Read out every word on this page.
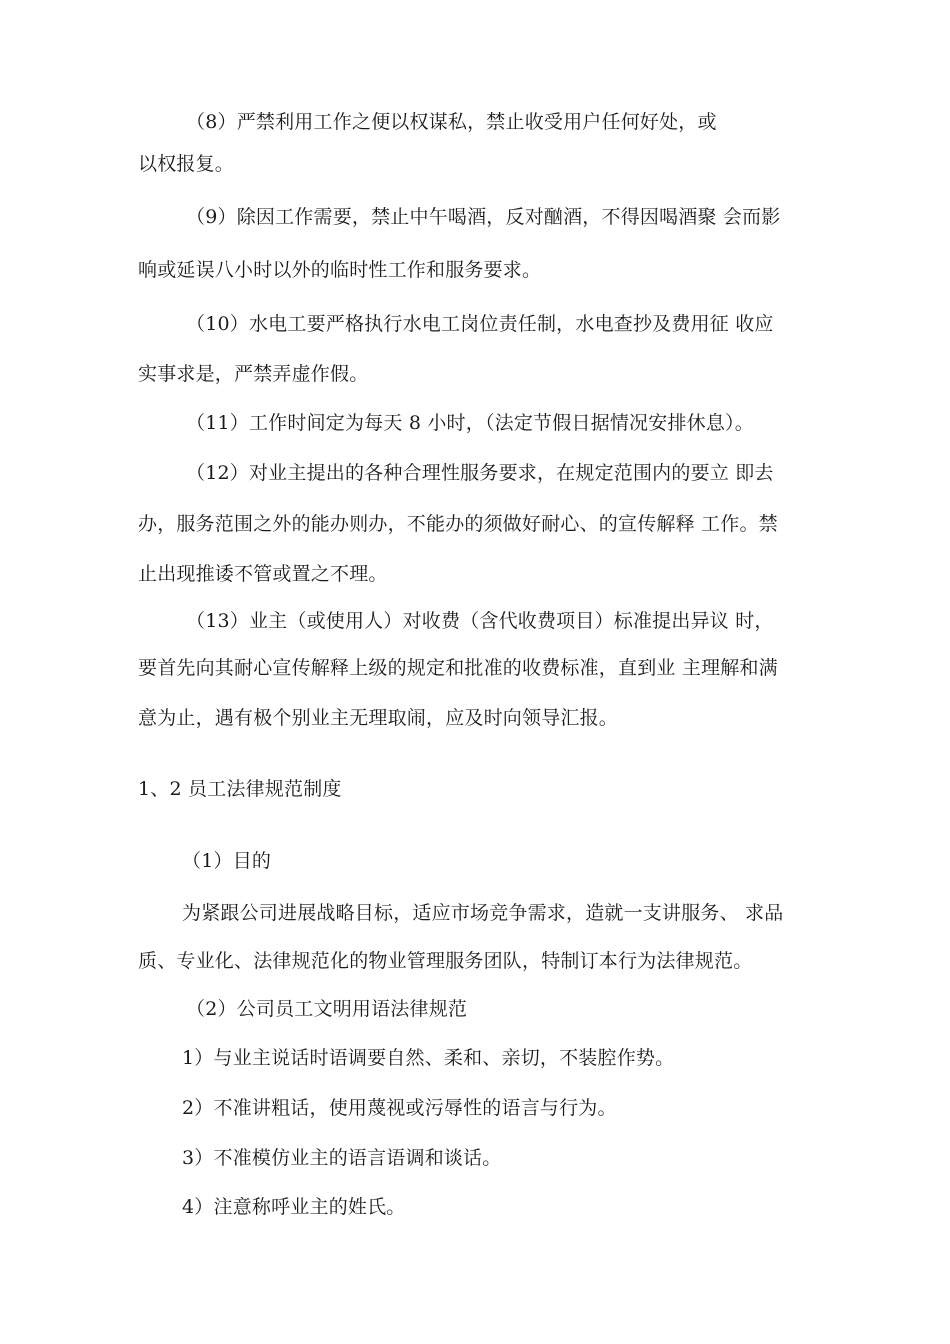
（8）严禁利用工作之便以权谋私，禁止收受用户任何好处，或
以权报复。
（9）除因工作需要，禁止中午喝酒，反对酗酒，不得因喝酒聚 会而影
响或延误八小时以外的临时性工作和服务要求。
（10）水电工要严格执行水电工岗位责任制，水电查抄及费用征 收应
实事求是，严禁弄虚作假。
（11）工作时间定为每天 8 小时，（法定节假日据情况安排休息）。
（12）对业主提出的各种合理性服务要求，在规定范围内的要立 即去
办，服务范围之外的能办则办，不能办的须做好耐心、的宣传解释 工作。禁
止出现推诿不管或置之不理。
（13）业主（或使用人）对收费（含代收费项目）标准提出异议 时，
要首先向其耐心宣传解释上级的规定和批准的收费标准，直到业 主理解和满
意为止，遇有极个别业主无理取闹，应及时向领导汇报。
1、2 员工法律规范制度
（1）目的
为紧跟公司进展战略目标，适应市场竞争需求，造就一支讲服务、 求品
质、专业化、法律规范化的物业管理服务团队，特制订本行为法律规范。
（2）公司员工文明用语法律规范
1）与业主说话时语调要自然、柔和、亲切，不装腔作势。
2）不准讲粗话，使用蔑视或污辱性的语言与行为。
3）不准模仿业主的语言语调和谈话。
4）注意称呼业主的姓氏。
